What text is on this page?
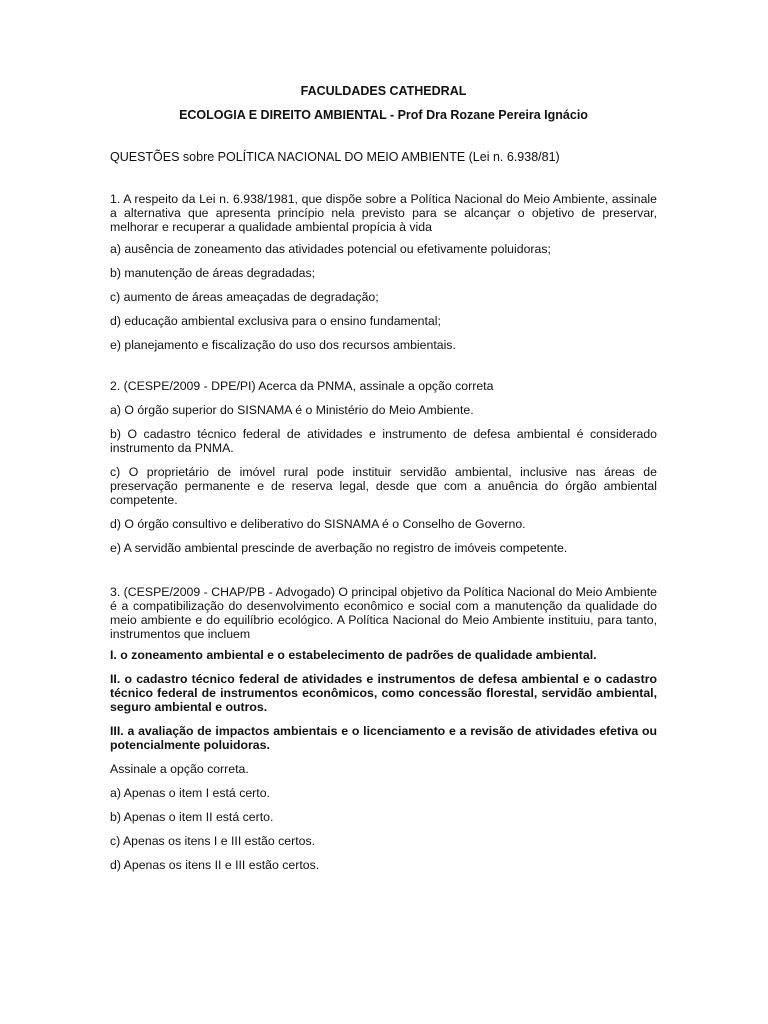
FACULDADES CATHEDRAL

ECOLOGIA E DIREITO AMBIENTAL - Prof Dra Rozane Pereira Ignácio

QUESTÕES sobre POLÍTICA NACIONAL DO MEIO AMBIENTE (Lei n. 6.938/81)

1. A respeito da Lei n. 6.938/1981, que dispõe sobre a Política Nacional do Meio Ambiente, assinale a alternativa que apresenta princípio nela previsto para se alcançar o objetivo de preservar, melhorar e recuperar a qualidade ambiental propícia à vida

a) ausência de zoneamento das atividades potencial ou efetivamente poluidoras;

b) manutenção de áreas degradadas;

c) aumento de áreas ameaçadas de degradação;

d) educação ambiental exclusiva para o ensino fundamental;

e) planejamento e fiscalização do uso dos recursos ambientais.

2. (CESPE/2009 - DPE/PI) Acerca da PNMA, assinale a opção correta

a) O órgão superior do SISNAMA é o Ministério do Meio Ambiente.

b) O cadastro técnico federal de atividades e instrumento de defesa ambiental é considerado instrumento da PNMA.

c) O proprietário de imóvel rural pode instituir servidão ambiental, inclusive nas áreas de preservação permanente e de reserva legal, desde que com a anuência do órgão ambiental competente.

d) O órgão consultivo e deliberativo do SISNAMA é o Conselho de Governo.

e) A servidão ambiental prescinde de averbação no registro de imóveis competente.

3. (CESPE/2009 - CHAP/PB - Advogado) O principal objetivo da Política Nacional do Meio Ambiente é a compatibilização do desenvolvimento econômico e social com a manutenção da qualidade do meio ambiente e do equilíbrio ecológico. A Política Nacional do Meio Ambiente instituiu, para tanto, instrumentos que incluem

I. o zoneamento ambiental e o estabelecimento de padrões de qualidade ambiental.

II. o cadastro técnico federal de atividades e instrumentos de defesa ambiental e o cadastro técnico federal de instrumentos econômicos, como concessão florestal, servidão ambiental, seguro ambiental e outros.

III. a avaliação de impactos ambientais e o licenciamento e a revisão de atividades efetiva ou potencialmente poluidoras.

Assinale a opção correta.

a) Apenas o item I está certo.

b) Apenas o item II está certo.

c) Apenas os itens I e III estão certos.

d) Apenas os itens II e III estão certos.
